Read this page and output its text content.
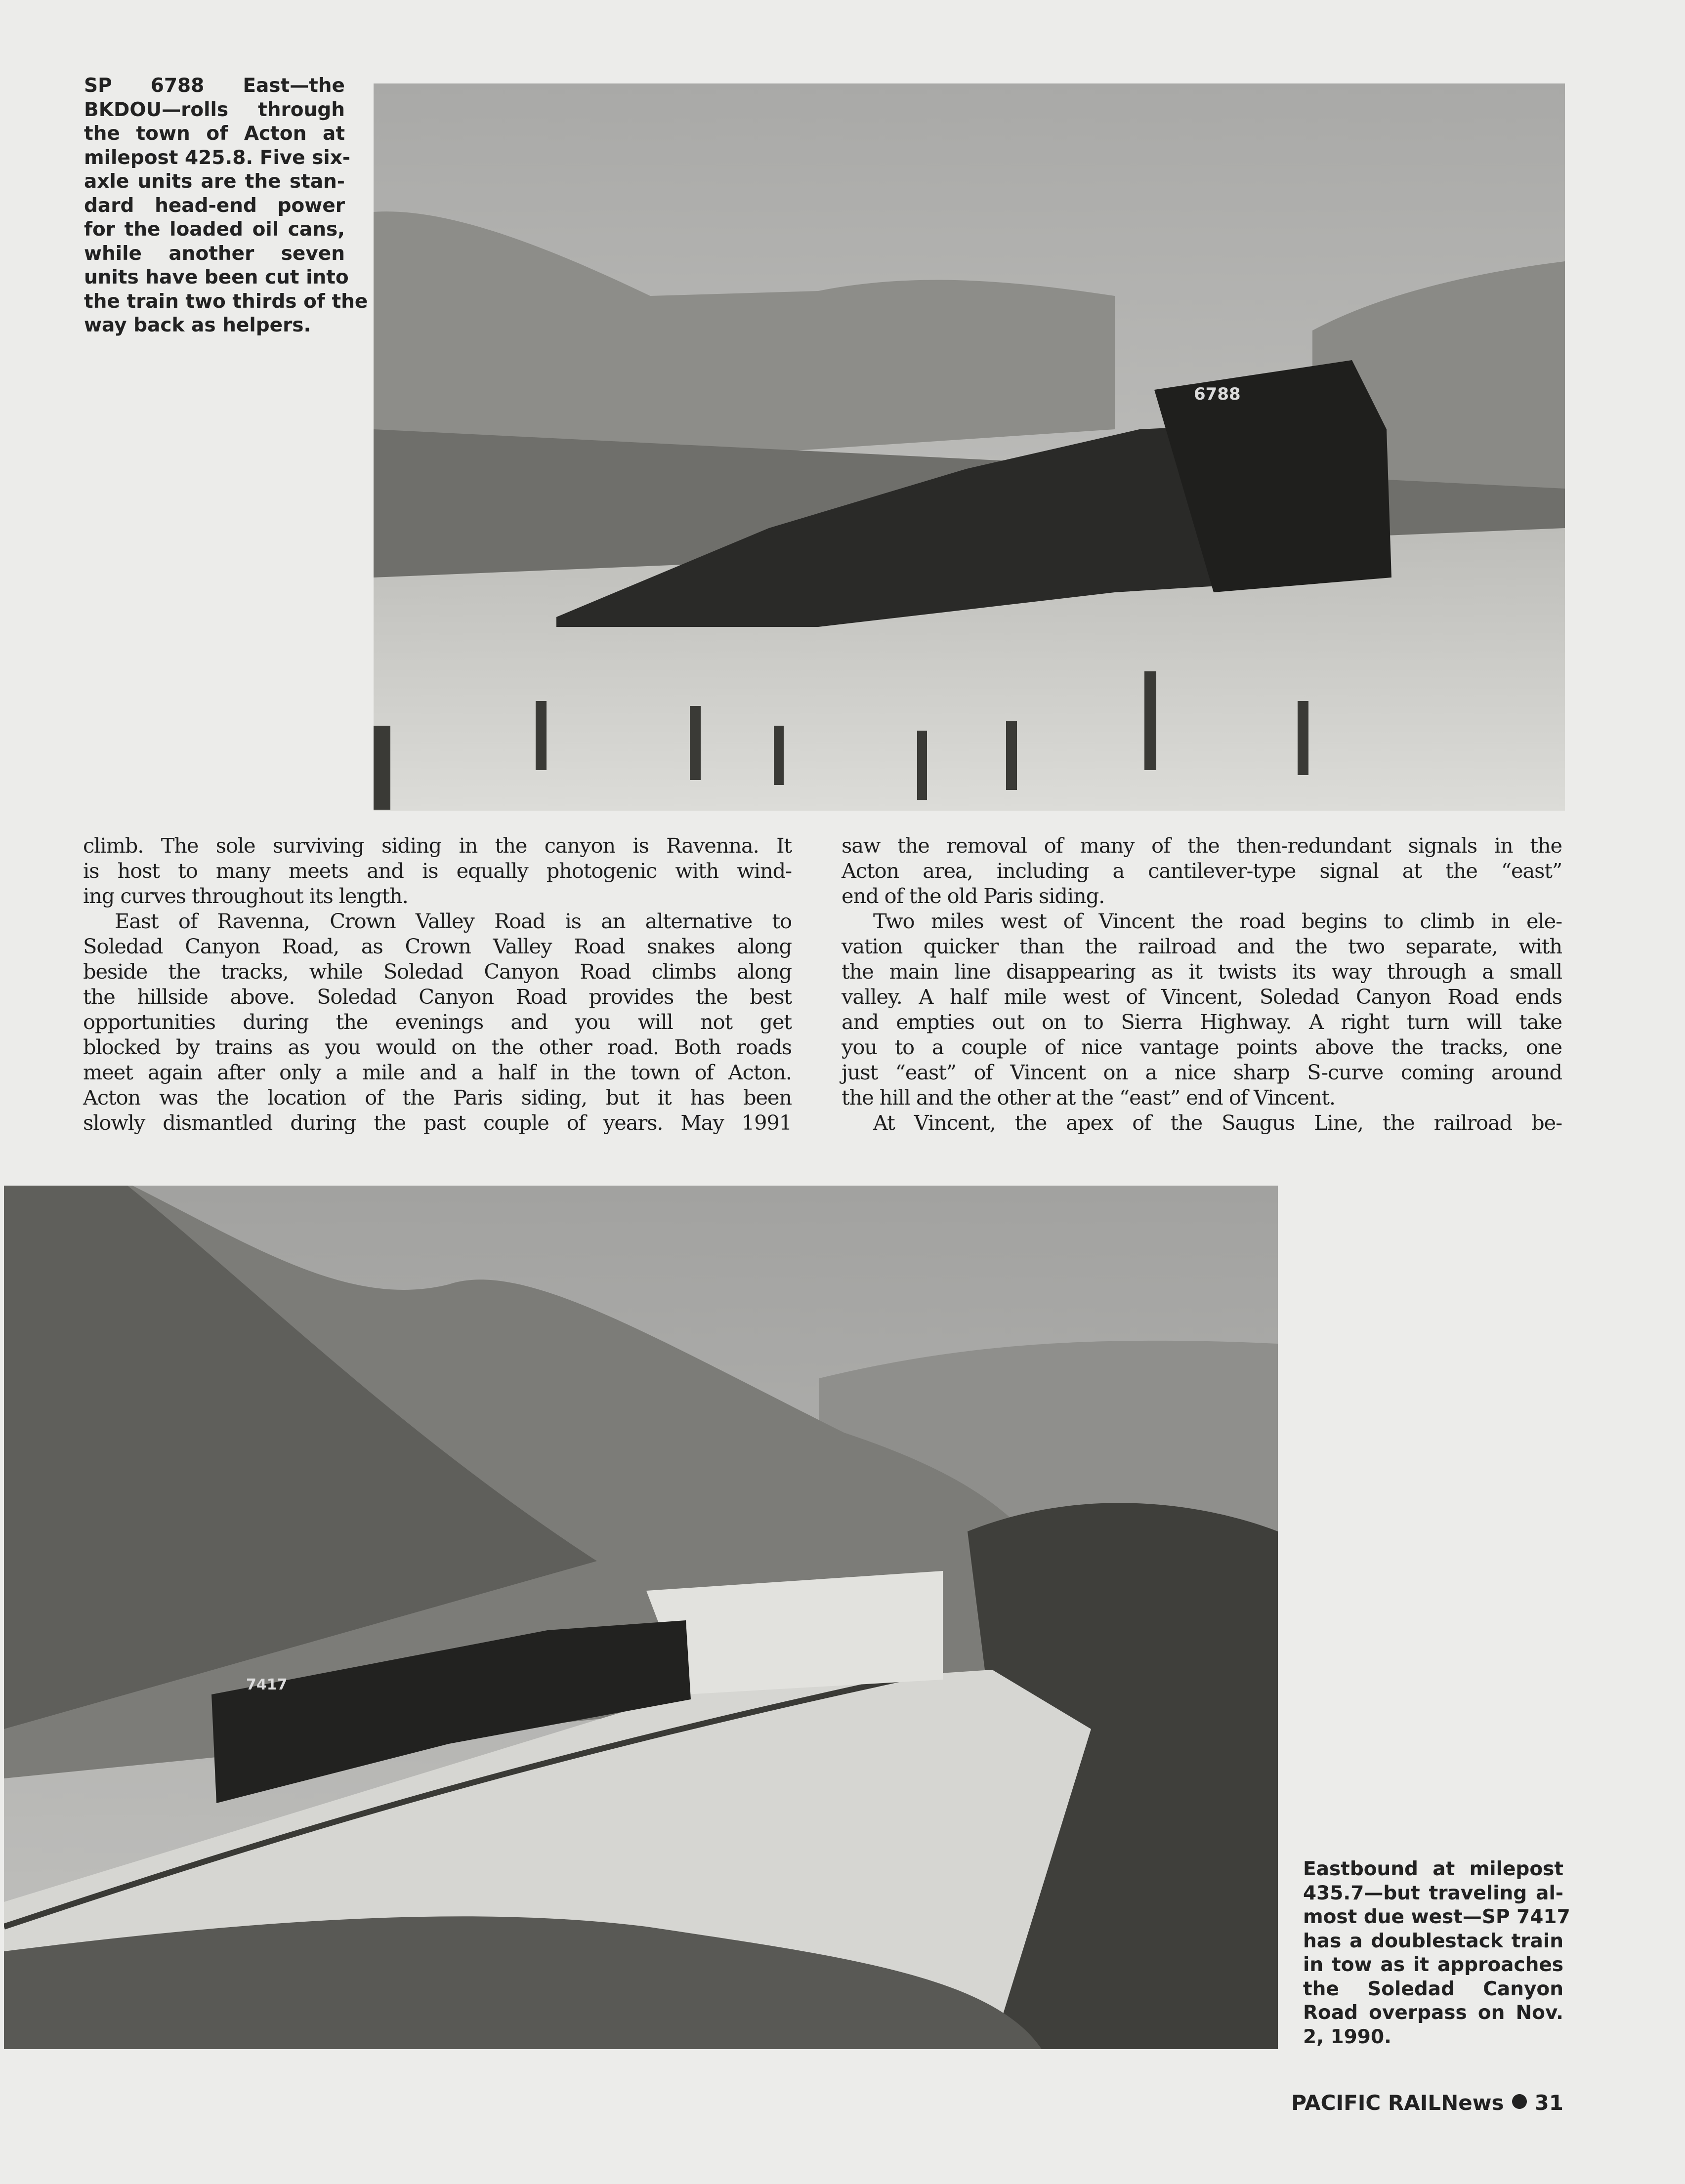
SP 6788 East—the
BKDOU—rolls through
the town of Acton at
milepost 425.8. Five six-
axle units are the stan-
dard head-end power
for the loaded oil cans,
while another seven
units have been cut into
the train two thirds of the
way back as helpers.
6788
climb. The sole surviving siding in the canyon is Ravenna. It
is host to many meets and is equally photogenic with wind-
ing curves throughout its length.
East of Ravenna, Crown Valley Road is an alternative to
Soledad Canyon Road, as Crown Valley Road snakes along
beside the tracks, while Soledad Canyon Road climbs along
the hillside above. Soledad Canyon Road provides the best
opportunities during the evenings and you will not get
blocked by trains as you would on the other road. Both roads
meet again after only a mile and a half in the town of Acton.
Acton was the location of the Paris siding, but it has been
slowly dismantled during the past couple of years. May 1991
saw the removal of many of the then-redundant signals in the
Acton area, including a cantilever-type signal at the “east”
end of the old Paris siding.
Two miles west of Vincent the road begins to climb in ele-
vation quicker than the railroad and the two separate, with
the main line disappearing as it twists its way through a small
valley. A half mile west of Vincent, Soledad Canyon Road ends
and empties out on to Sierra Highway. A right turn will take
you to a couple of nice vantage points above the tracks, one
just “east” of Vincent on a nice sharp S-curve coming around
the hill and the other at the “east” end of Vincent.
At Vincent, the apex of the Saugus Line, the railroad be-
7417
Eastbound at milepost
435.7—but traveling al-
most due west—SP 7417
has a doublestack train
in tow as it approaches
the Soledad Canyon
Road overpass on Nov.
2, 1990.
PACIFIC RAILNews 31
